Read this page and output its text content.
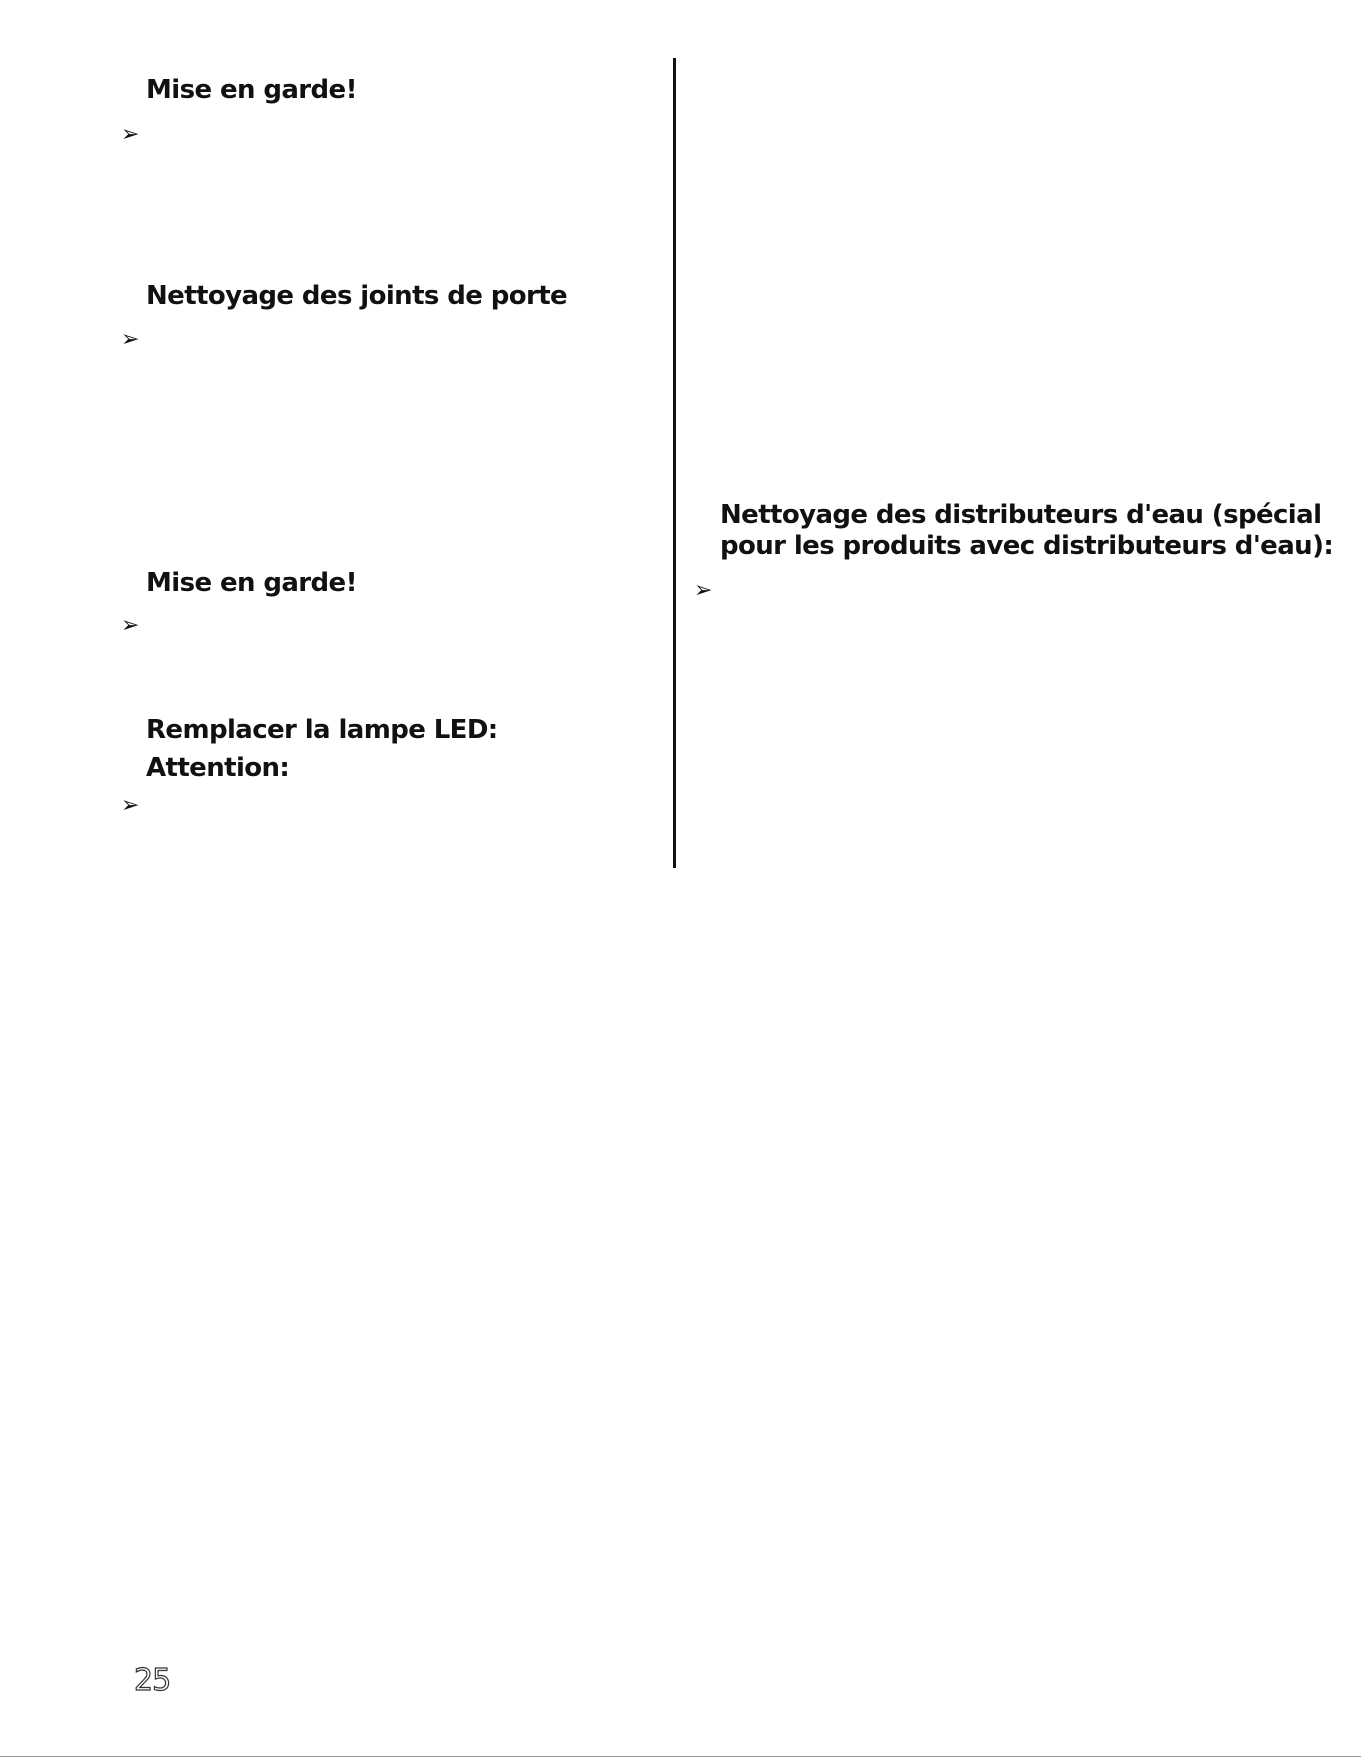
Mise en garde!
➢
Nettoyage des joints de porte
➢
Mise en garde!
➢
Remplacer la lampe LED:
Attention:
➢
Nettoyage des distributeurs d'eau (spécial
pour les produits avec distributeurs d'eau):
➢
25
